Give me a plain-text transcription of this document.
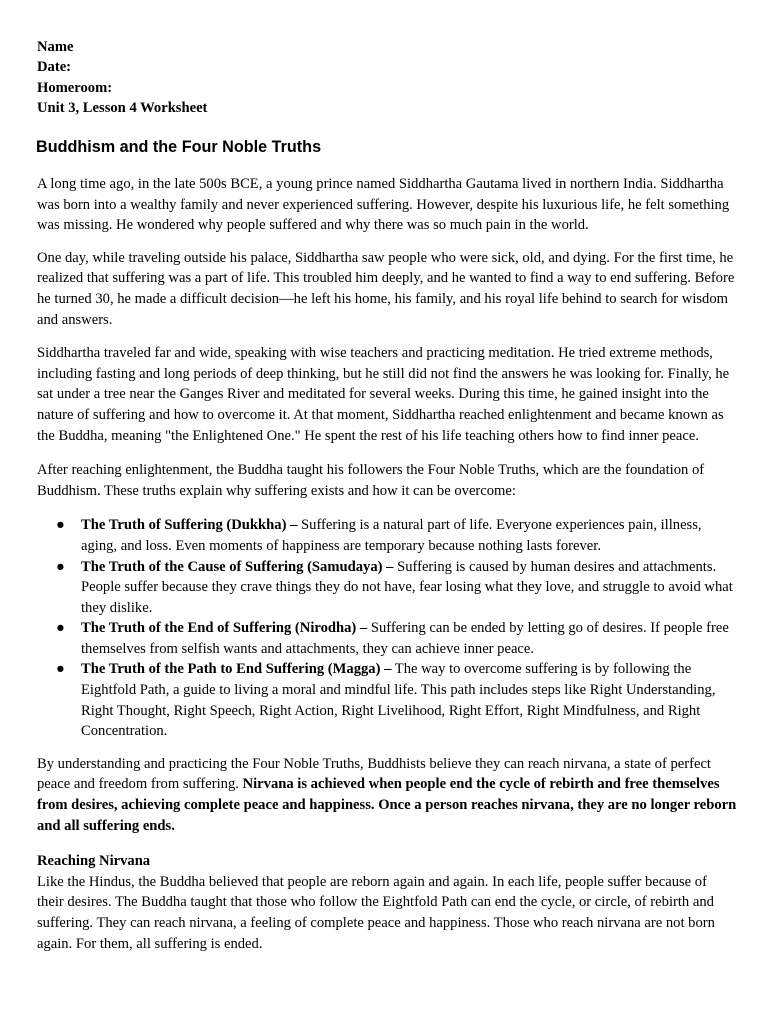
Name
Date:
Homeroom:
Unit 3, Lesson 4 Worksheet
Buddhism and the Four Noble Truths

A long time ago, in the late 500s BCE, a young prince named Siddhartha Gautama lived in northern India. Siddhartha was born into a wealthy family and never experienced suffering. However, despite his luxurious life, he felt something was missing. He wondered why people suffered and why there was so much pain in the world.

One day, while traveling outside his palace, Siddhartha saw people who were sick, old, and dying. For the first time, he realized that suffering was a part of life. This troubled him deeply, and he wanted to find a way to end suffering. Before he turned 30, he made a difficult decision—he left his home, his family, and his royal life behind to search for wisdom and answers.

Siddhartha traveled far and wide, speaking with wise teachers and practicing meditation. He tried extreme methods, including fasting and long periods of deep thinking, but he still did not find the answers he was looking for. Finally, he sat under a tree near the Ganges River and meditated for several weeks. During this time, he gained insight into the nature of suffering and how to overcome it. At that moment, Siddhartha reached enlightenment and became known as the Buddha, meaning "the Enlightened One." He spent the rest of his life teaching others how to find inner peace.

After reaching enlightenment, the Buddha taught his followers the Four Noble Truths, which are the foundation of Buddhism. These truths explain why suffering exists and how it can be overcome:

● The Truth of Suffering (Dukkha) – Suffering is a natural part of life. Everyone experiences pain, illness, aging, and loss. Even moments of happiness are temporary because nothing lasts forever.
● The Truth of the Cause of Suffering (Samudaya) – Suffering is caused by human desires and attachments. People suffer because they crave things they do not have, fear losing what they love, and struggle to avoid what they dislike.
● The Truth of the End of Suffering (Nirodha) – Suffering can be ended by letting go of desires. If people free themselves from selfish wants and attachments, they can achieve inner peace.
● The Truth of the Path to End Suffering (Magga) – The way to overcome suffering is by following the Eightfold Path, a guide to living a moral and mindful life. This path includes steps like Right Understanding, Right Thought, Right Speech, Right Action, Right Livelihood, Right Effort, Right Mindfulness, and Right Concentration.

By understanding and practicing the Four Noble Truths, Buddhists believe they can reach nirvana, a state of perfect peace and freedom from suffering. Nirvana is achieved when people end the cycle of rebirth and free themselves from desires, achieving complete peace and happiness. Once a person reaches nirvana, they are no longer reborn and all suffering ends.

Reaching Nirvana

Like the Hindus, the Buddha believed that people are reborn again and again. In each life, people suffer because of their desires. The Buddha taught that those who follow the Eightfold Path can end the cycle, or circle, of rebirth and suffering. They can reach nirvana, a feeling of complete peace and happiness. Those who reach nirvana are not born again. For them, all suffering is ended.
